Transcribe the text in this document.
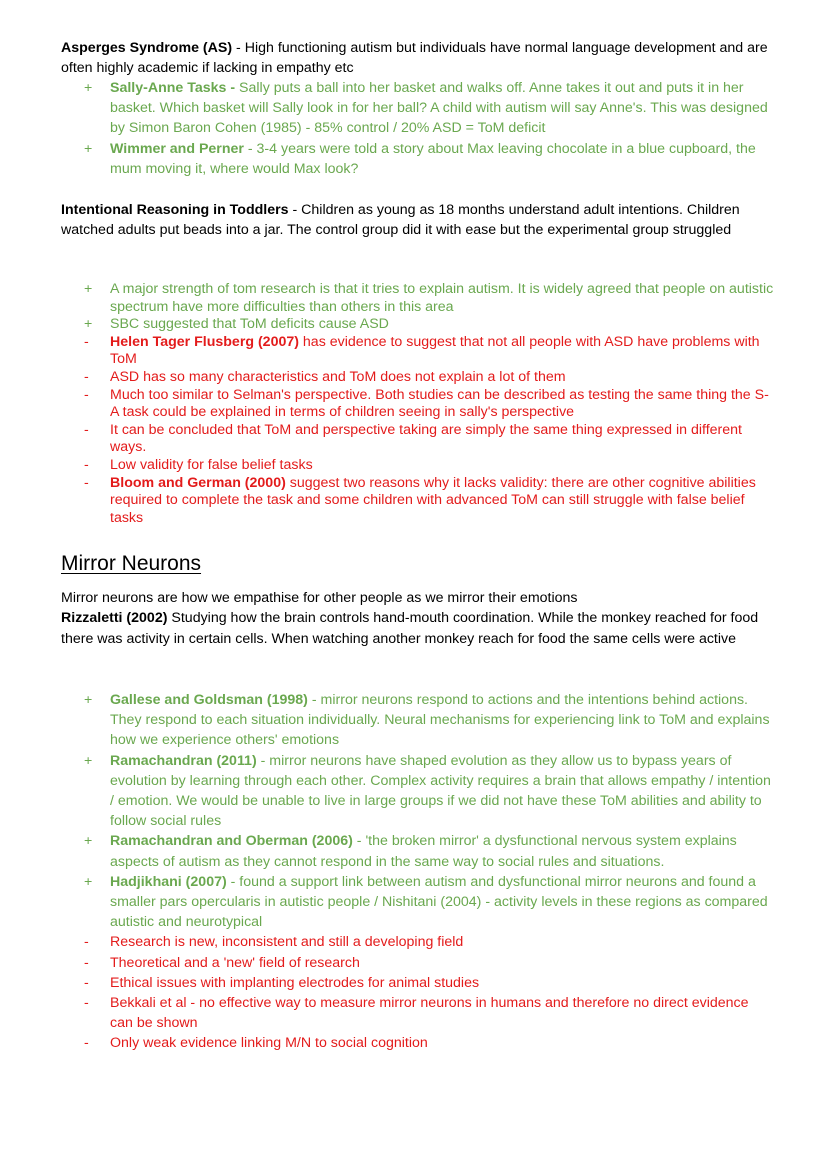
Asperges Syndrome (AS) - High functioning autism but individuals have normal language development and are often highly academic if lacking in empathy etc

+	Sally-Anne Tasks - Sally puts a ball into her basket and walks off. Anne takes it out and puts it in her basket. Which basket will Sally look in for her ball? A child with autism will say Anne's. This was designed by Simon Baron Cohen (1985) - 85% control / 20% ASD = ToM deficit
+	Wimmer and Perner - 3-4 years were told a story about Max leaving chocolate in a blue cupboard, the mum moving it, where would Max look?

Intentional Reasoning in Toddlers - Children as young as 18 months understand adult intentions. Children watched adults put beads into a jar. The control group did it with ease but the experimental group struggled

+	A major strength of tom research is that it tries to explain autism. It is widely agreed that people on autistic spectrum have more difficulties than others in this area
+	SBC suggested that ToM deficits cause ASD
-	Helen Tager Flusberg (2007) has evidence to suggest that not all people with ASD have problems with ToM
-	ASD has so many characteristics and ToM does not explain a lot of them
-	Much too similar to Selman's perspective. Both studies can be described as testing the same thing the S-A task could be explained in terms of children seeing in sally's perspective
-	It can be concluded that ToM and perspective taking are simply the same thing expressed in different ways.
-	Low validity for false belief tasks
-	Bloom and German (2000) suggest two reasons why it lacks validity: there are other cognitive abilities required to complete the task and some children with advanced ToM can still struggle with false belief tasks
Mirror Neurons

Mirror neurons are how we empathise for other people as we mirror their emotions
Rizzaletti (2002) Studying how the brain controls hand-mouth coordination. While the monkey reached for food there was activity in certain cells. When watching another monkey reach for food the same cells were active

+	Gallese and Goldsman (1998) - mirror neurons respond to actions and the intentions behind actions. They respond to each situation individually. Neural mechanisms for experiencing link to ToM and explains how we experience others' emotions
+	Ramachandran (2011) - mirror neurons have shaped evolution as they allow us to bypass years of evolution by learning through each other. Complex activity requires a brain that allows empathy / intention / emotion. We would be unable to live in large groups if we did not have these ToM abilities and ability to follow social rules
+	Ramachandran and Oberman (2006) - 'the broken mirror' a dysfunctional nervous system explains aspects of autism as they cannot respond in the same way to social rules and situations.
+	Hadjikhani (2007) - found a support link between autism and dysfunctional mirror neurons and found a smaller pars opercularis in autistic people / Nishitani (2004) - activity levels in these regions as compared autistic and neurotypical
-	Research is new, inconsistent and still a developing field
-	Theoretical and a 'new' field of research
-	Ethical issues with implanting electrodes for animal studies
-	Bekkali et al - no effective way to measure mirror neurons in humans and therefore no direct evidence can be shown
-	Only weak evidence linking M/N to social cognition
